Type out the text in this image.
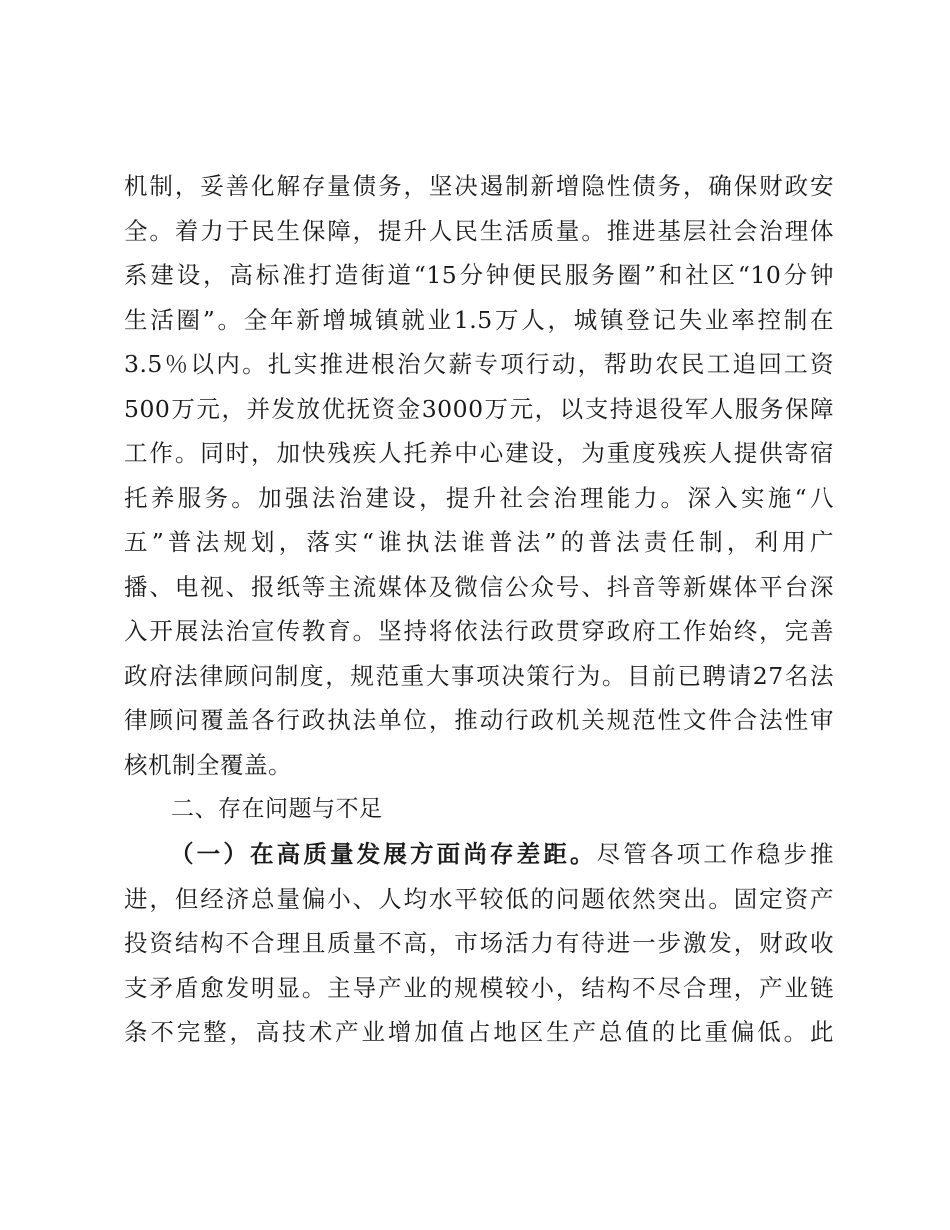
机制，妥善化解存量债务，坚决遏制新增隐性债务，确保财政安
全。着力于民生保障，提升人民生活质量。推进基层社会治理体
系建设，高标准打造街道“15分钟便民服务圈”和社区“10分钟
生活圈”。全年新增城镇就业1.5万人，城镇登记失业率控制在
3.5％以内。扎实推进根治欠薪专项行动，帮助农民工追回工资
500万元，并发放优抚资金3000万元，以支持退役军人服务保障
工作。同时，加快残疾人托养中心建设，为重度残疾人提供寄宿
托养服务。加强法治建设，提升社会治理能力。深入实施“八
五”普法规划，落实“谁执法谁普法”的普法责任制，利用广
播、电视、报纸等主流媒体及微信公众号、抖音等新媒体平台深
入开展法治宣传教育。坚持将依法行政贯穿政府工作始终，完善
政府法律顾问制度，规范重大事项决策行为。目前已聘请27名法
律顾问覆盖各行政执法单位，推动行政机关规范性文件合法性审
核机制全覆盖。
二、存在问题与不足
（一）在高质量发展方面尚存差距。尽管各项工作稳步推
进，但经济总量偏小、人均水平较低的问题依然突出。固定资产
投资结构不合理且质量不高，市场活力有待进一步激发，财政收
支矛盾愈发明显。主导产业的规模较小，结构不尽合理，产业链
条不完整，高技术产业增加值占地区生产总值的比重偏低。此
